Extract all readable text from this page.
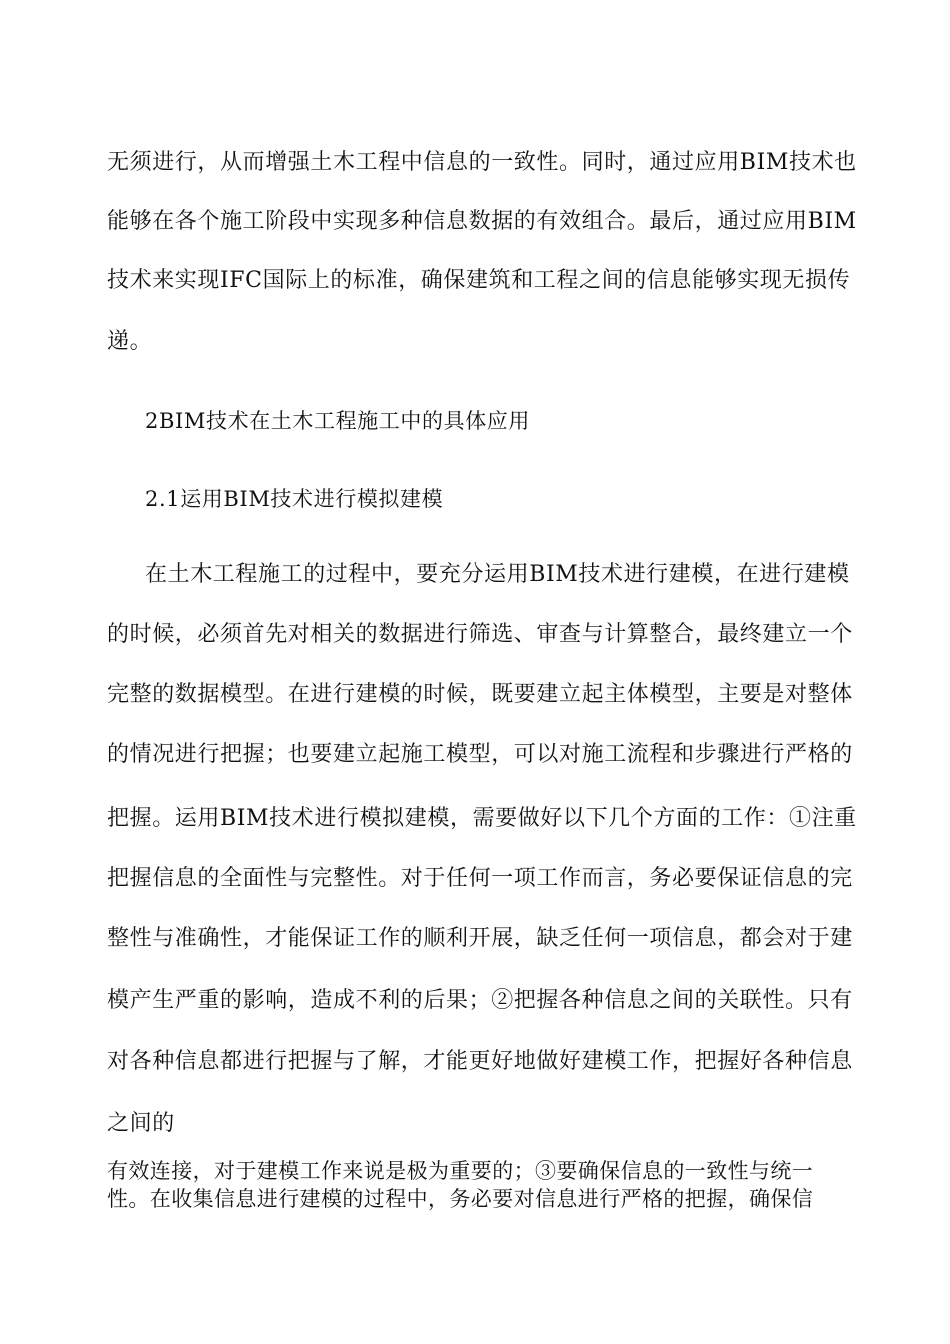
无须进行，从而增强土木工程中信息的一致性。同时，通过应用BIM技术也
能够在各个施工阶段中实现多种信息数据的有效组合。最后，通过应用BIM
技术来实现IFC国际上的标准，确保建筑和工程之间的信息能够实现无损传
递。
2BIM技术在土木工程施工中的具体应用
2.1运用BIM技术进行模拟建模
在土木工程施工的过程中，要充分运用BIM技术进行建模，在进行建模
的时候，必须首先对相关的数据进行筛选、审查与计算整合，最终建立一个
完整的数据模型。在进行建模的时候，既要建立起主体模型，主要是对整体
的情况进行把握；也要建立起施工模型，可以对施工流程和步骤进行严格的
把握。运用BIM技术进行模拟建模，需要做好以下几个方面的工作：①注重
把握信息的全面性与完整性。对于任何一项工作而言，务必要保证信息的完
整性与准确性，才能保证工作的顺利开展，缺乏任何一项信息，都会对于建
模产生严重的影响，造成不利的后果；②把握各种信息之间的关联性。只有
对各种信息都进行把握与了解，才能更好地做好建模工作，把握好各种信息
之间的
有效连接，对于建模工作来说是极为重要的；③要确保信息的一致性与统一
性。在收集信息进行建模的过程中，务必要对信息进行严格的把握，确保信
